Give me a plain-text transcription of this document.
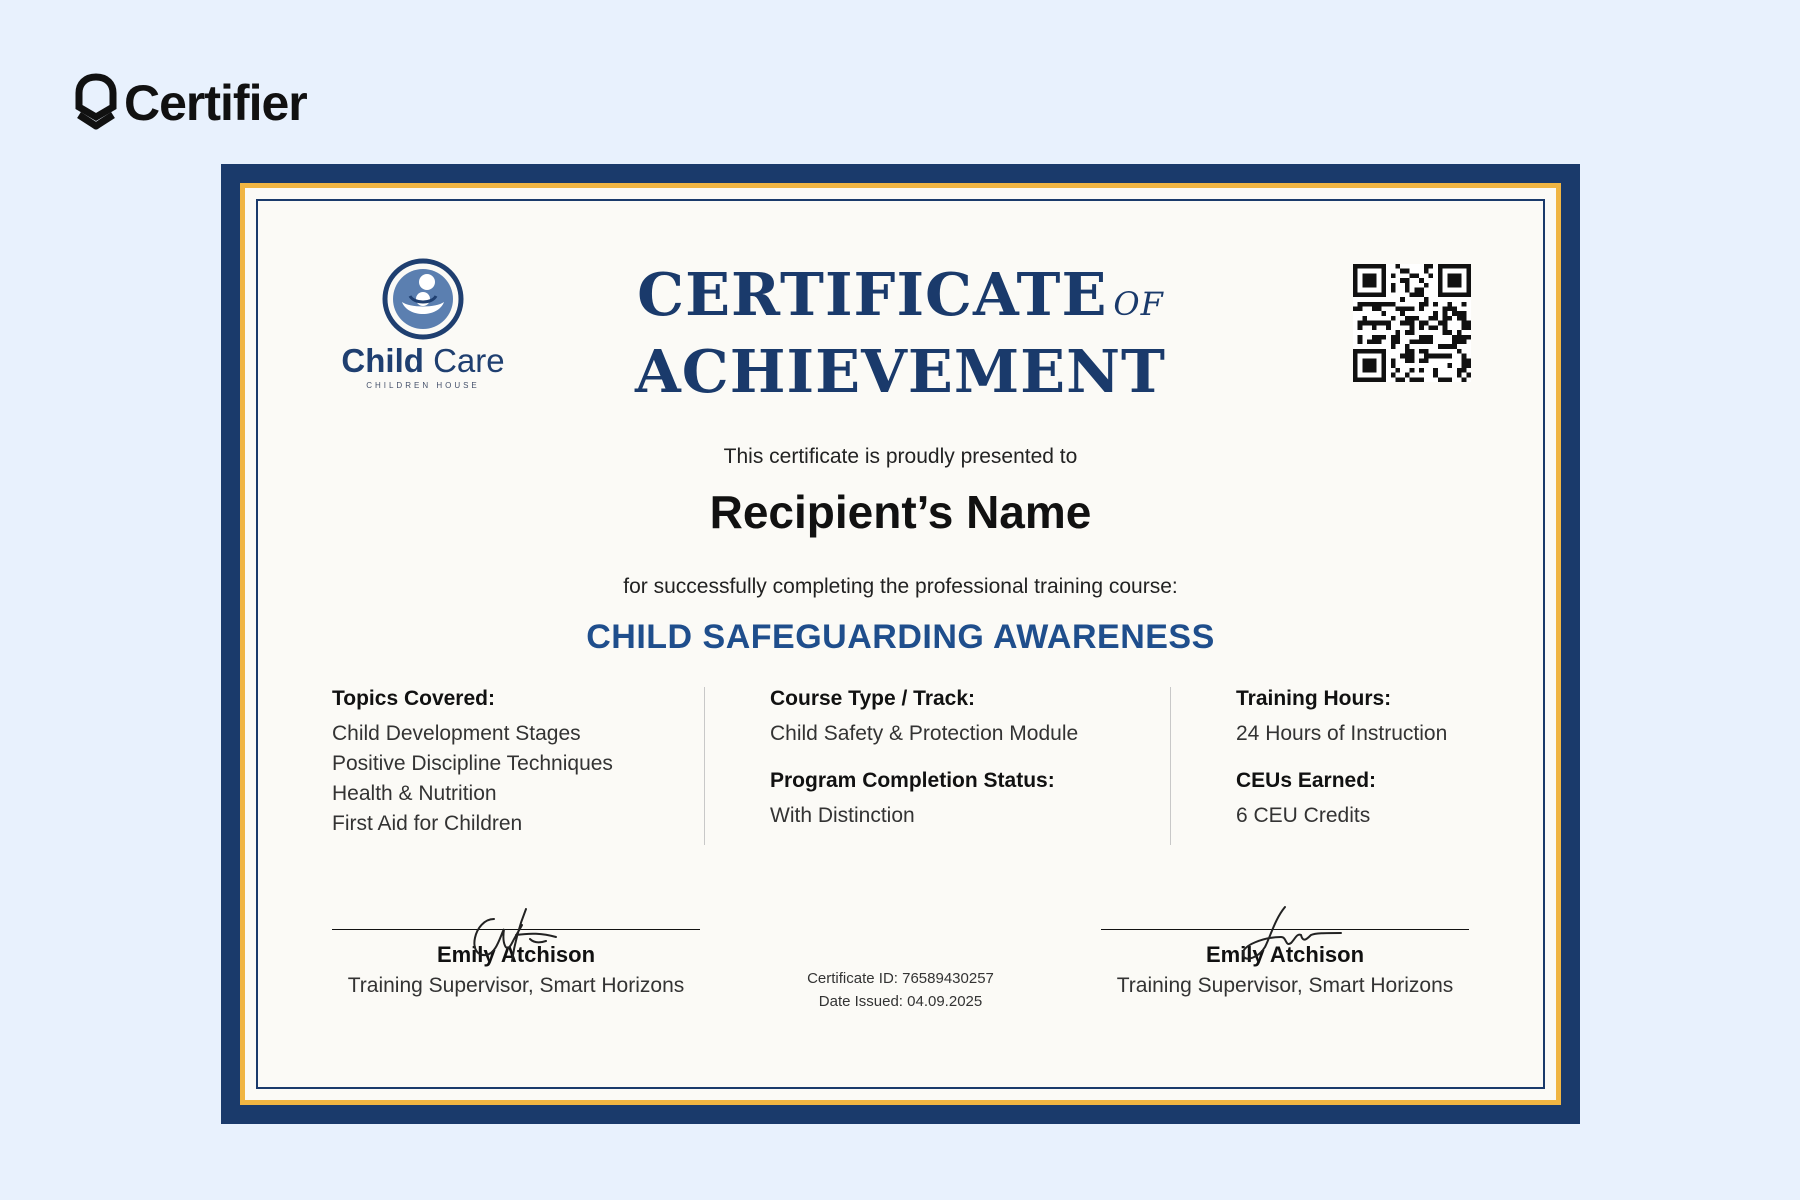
Certifier
Child Care
CHILDREN HOUSE
CERTIFICATE OF
ACHIEVEMENT
This certificate is proudly presented to
Recipient’s Name
for successfully completing the professional training course:
CHILD SAFEGUARDING AWARENESS
Topics Covered:
Child Development Stages
Positive Discipline Techniques
Health & Nutrition
First Aid for Children
Course Type / Track:
Child Safety & Protection Module
Program Completion Status:
With Distinction
Training Hours:
24 Hours of Instruction
CEUs Earned:
6 CEU Credits
Emily Atchison
Training Supervisor, Smart Horizons	Certificate ID: 76589430257
Date Issued: 04.09.2025
Emily Atchison
Training Supervisor, Smart Horizons
